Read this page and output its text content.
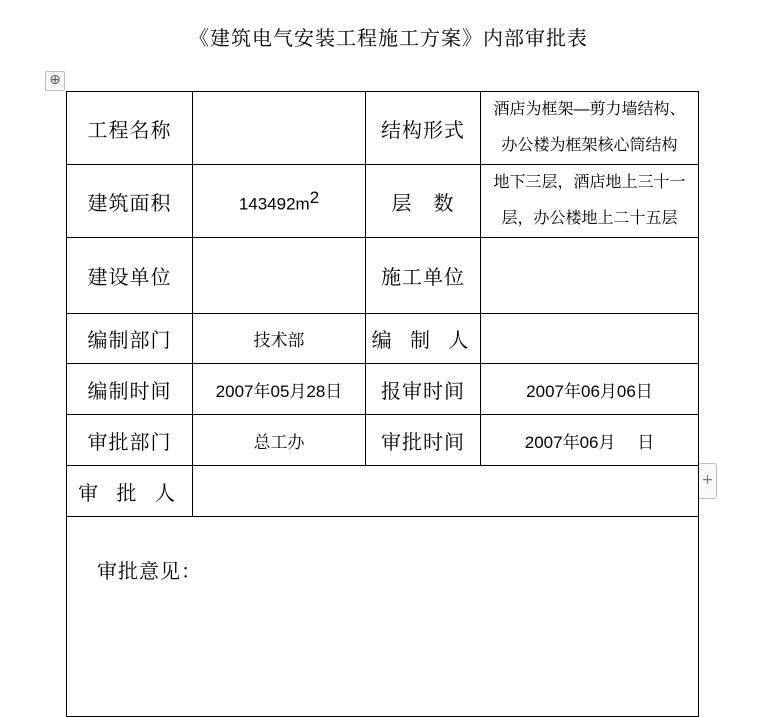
《建筑电气安装工程施工方案》内部审批表
⊕
+
工程名称		结构形式	酒店为框架—剪力墙结构、
办公楼为框架核心筒结构

建筑面积	$143492m^2$	层　数	地下三层，酒店地上三十一
层，办公楼地上二十五层

建设单位		施工单位	
编制部门	技术部	编 制 人	
编制时间	2007年05月28日	报审时间	2007年06月06日
审批部门	总工办	审批时间	2007年06月　 日
审 批 人			

审批意见：			
